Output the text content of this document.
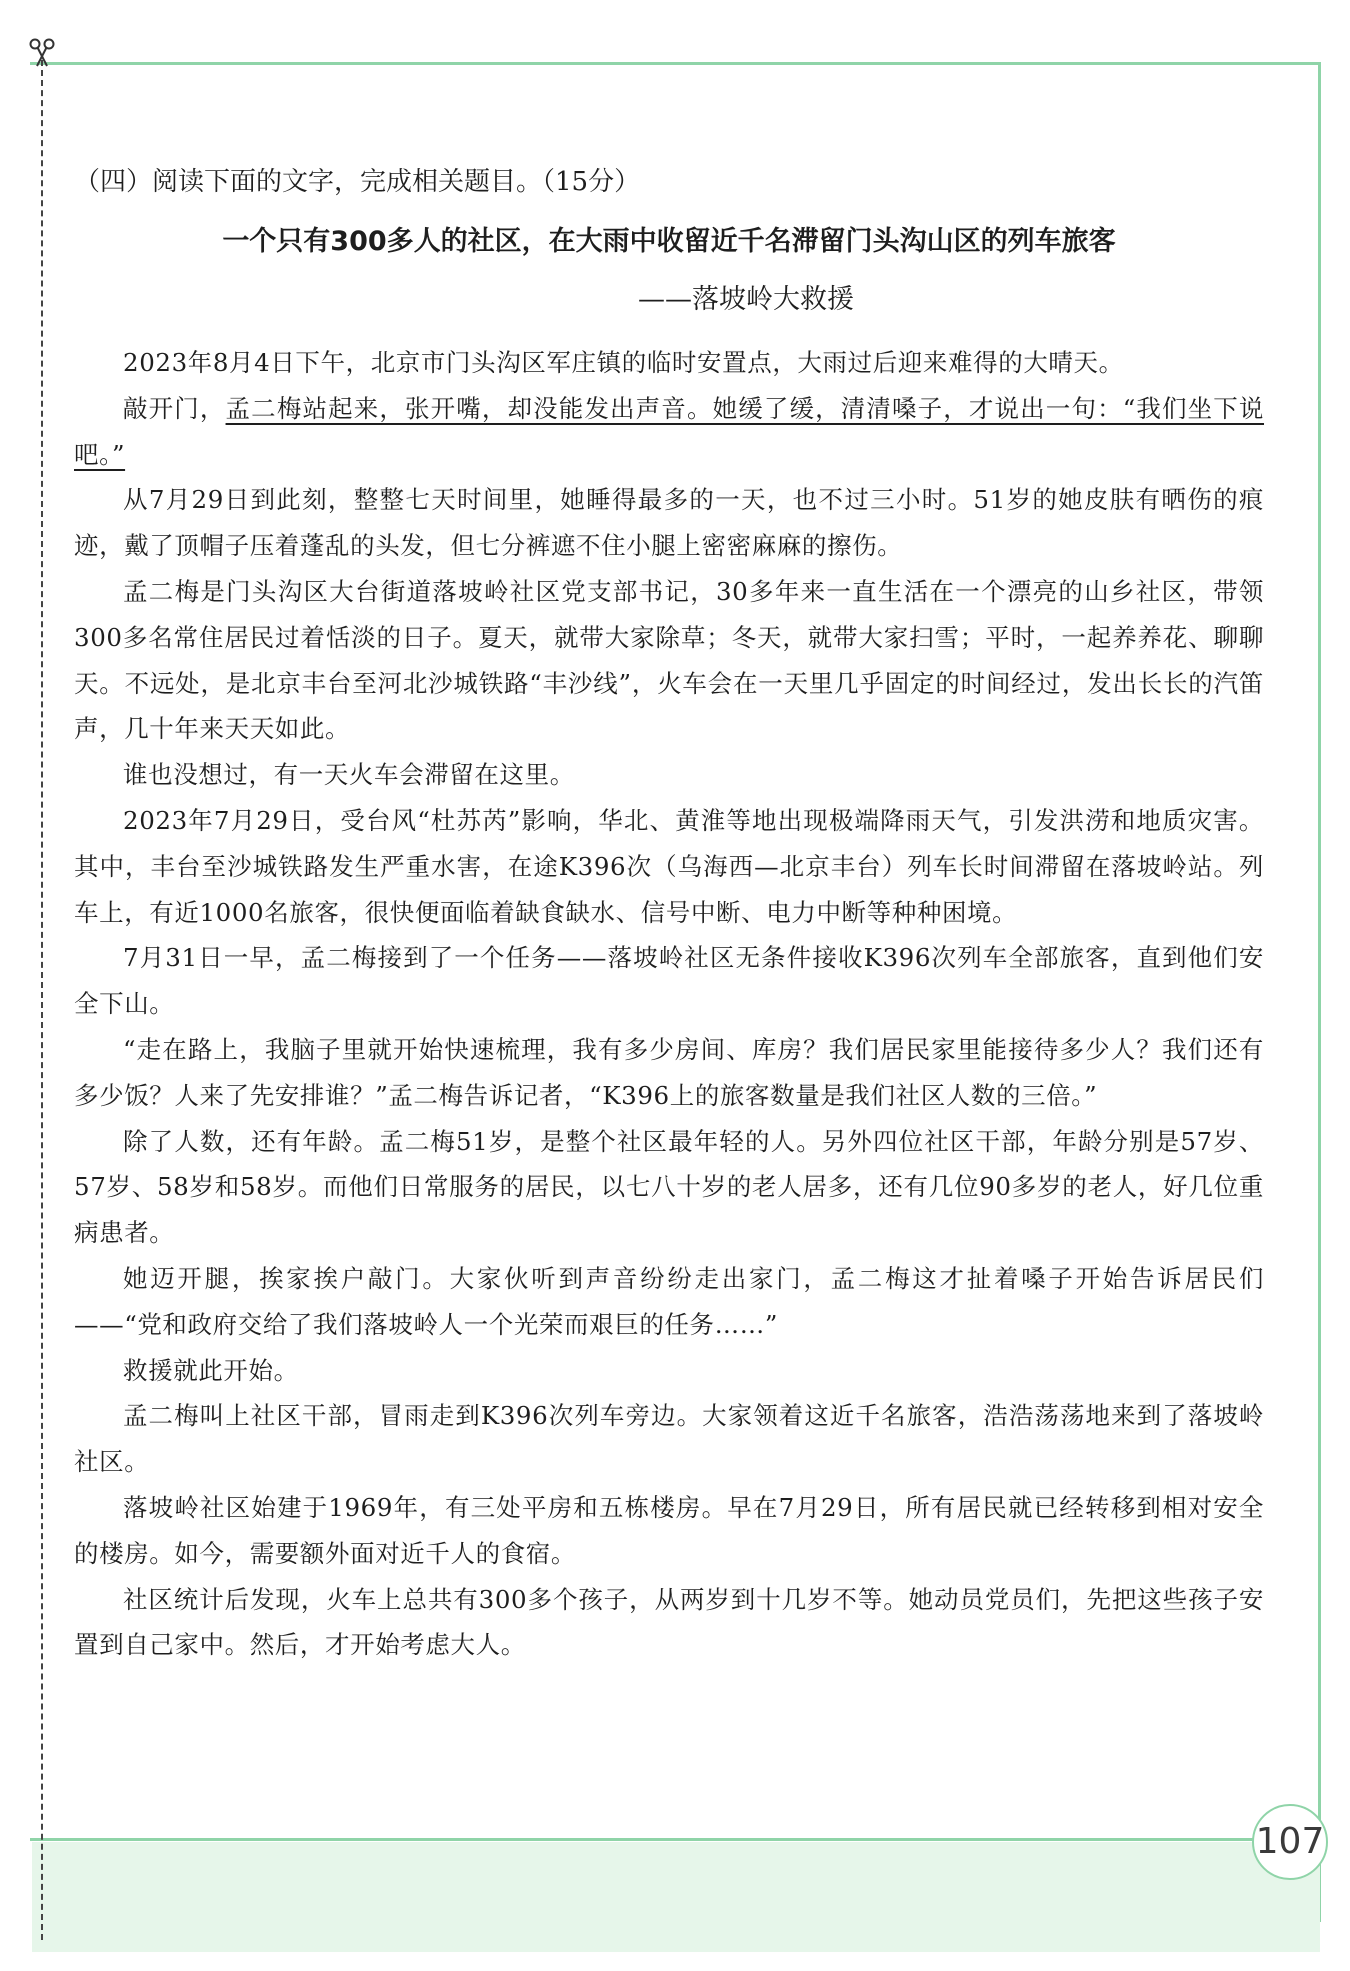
（四）阅读下面的文字，完成相关题目。（15分）

一个只有300多人的社区，在大雨中收留近千名滞留门头沟山区的列车旅客

——落坡岭大救援

2023年8月4日下午，北京市门头沟区军庄镇的临时安置点，大雨过后迎来难得的大晴天。

敲开门，孟二梅站起来，张开嘴，却没能发出声音。她缓了缓，清清嗓子，才说出一句：“我们坐下说吧。”

从7月29日到此刻，整整七天时间里，她睡得最多的一天，也不过三小时。51岁的她皮肤有晒伤的痕迹，戴了顶帽子压着蓬乱的头发，但七分裤遮不住小腿上密密麻麻的擦伤。

孟二梅是门头沟区大台街道落坡岭社区党支部书记，30多年来一直生活在一个漂亮的山乡社区，带领300多名常住居民过着恬淡的日子。夏天，就带大家除草；冬天，就带大家扫雪；平时，一起养养花、聊聊天。不远处，是北京丰台至河北沙城铁路“丰沙线”，火车会在一天里几乎固定的时间经过，发出长长的汽笛声，几十年来天天如此。

谁也没想过，有一天火车会滞留在这里。

2023年7月29日，受台风“杜苏芮”影响，华北、黄淮等地出现极端降雨天气，引发洪涝和地质灾害。其中，丰台至沙城铁路发生严重水害，在途K396次（乌海西—北京丰台）列车长时间滞留在落坡岭站。列车上，有近1000名旅客，很快便面临着缺食缺水、信号中断、电力中断等种种困境。

7月31日一早，孟二梅接到了一个任务——落坡岭社区无条件接收K396次列车全部旅客，直到他们安全下山。

“走在路上，我脑子里就开始快速梳理，我有多少房间、库房？我们居民家里能接待多少人？我们还有多少饭？人来了先安排谁？”孟二梅告诉记者，“K396上的旅客数量是我们社区人数的三倍。”

除了人数，还有年龄。孟二梅51岁，是整个社区最年轻的人。另外四位社区干部，年龄分别是57岁、57岁、58岁和58岁。而他们日常服务的居民，以七八十岁的老人居多，还有几位90多岁的老人，好几位重病患者。

她迈开腿，挨家挨户敲门。大家伙听到声音纷纷走出家门，孟二梅这才扯着嗓子开始告诉居民们——“党和政府交给了我们落坡岭人一个光荣而艰巨的任务……”

救援就此开始。

孟二梅叫上社区干部，冒雨走到K396次列车旁边。大家领着这近千名旅客，浩浩荡荡地来到了落坡岭社区。

落坡岭社区始建于1969年，有三处平房和五栋楼房。早在7月29日，所有居民就已经转移到相对安全的楼房。如今，需要额外面对近千人的食宿。

社区统计后发现，火车上总共有300多个孩子，从两岁到十几岁不等。她动员党员们，先把这些孩子安置到自己家中。然后，才开始考虑大人。

107
